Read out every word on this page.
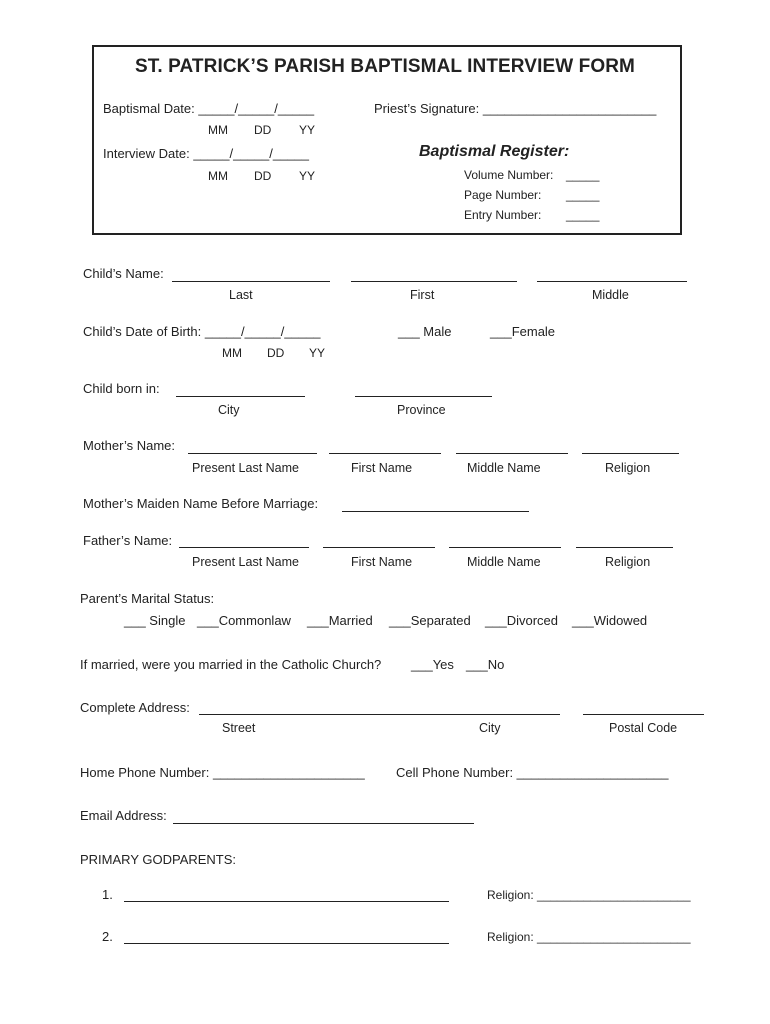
ST. PATRICK’S PARISH BAPTISMAL INTERVIEW FORM
Baptismal Date: _____/_____/_____
MM DD YY
Interview Date: _____/_____/_____
MM DD YY
Priest’s Signature: ________________________
Baptismal Register:
Volume Number: _____
Page Number: _____
Entry Number: _____
Child’s Name:
Last	First	Middle
Child’s Date of Birth: _____/_____/_____
MM DD YY
___ Male	___Female
Child born in:
City	Province
Mother’s Name:
Present Last Name	First Name	Middle Name	Religion
Mother’s Maiden Name Before Marriage:
Father’s Name:
Present Last Name	First Name	Middle Name	Religion
Parent’s Marital Status:
___ Single ___Commonlaw ___Married ___Separated ___Divorced ___Widowed
If married, were you married in the Catholic Church? ___Yes ___No
Complete Address:
Street	City	Postal Code
Home Phone Number: _____________________ Cell Phone Number: _____________________
Email Address:
PRIMARY GODPARENTS:
1.	Religion: _______________________
2.	Religion: _______________________
